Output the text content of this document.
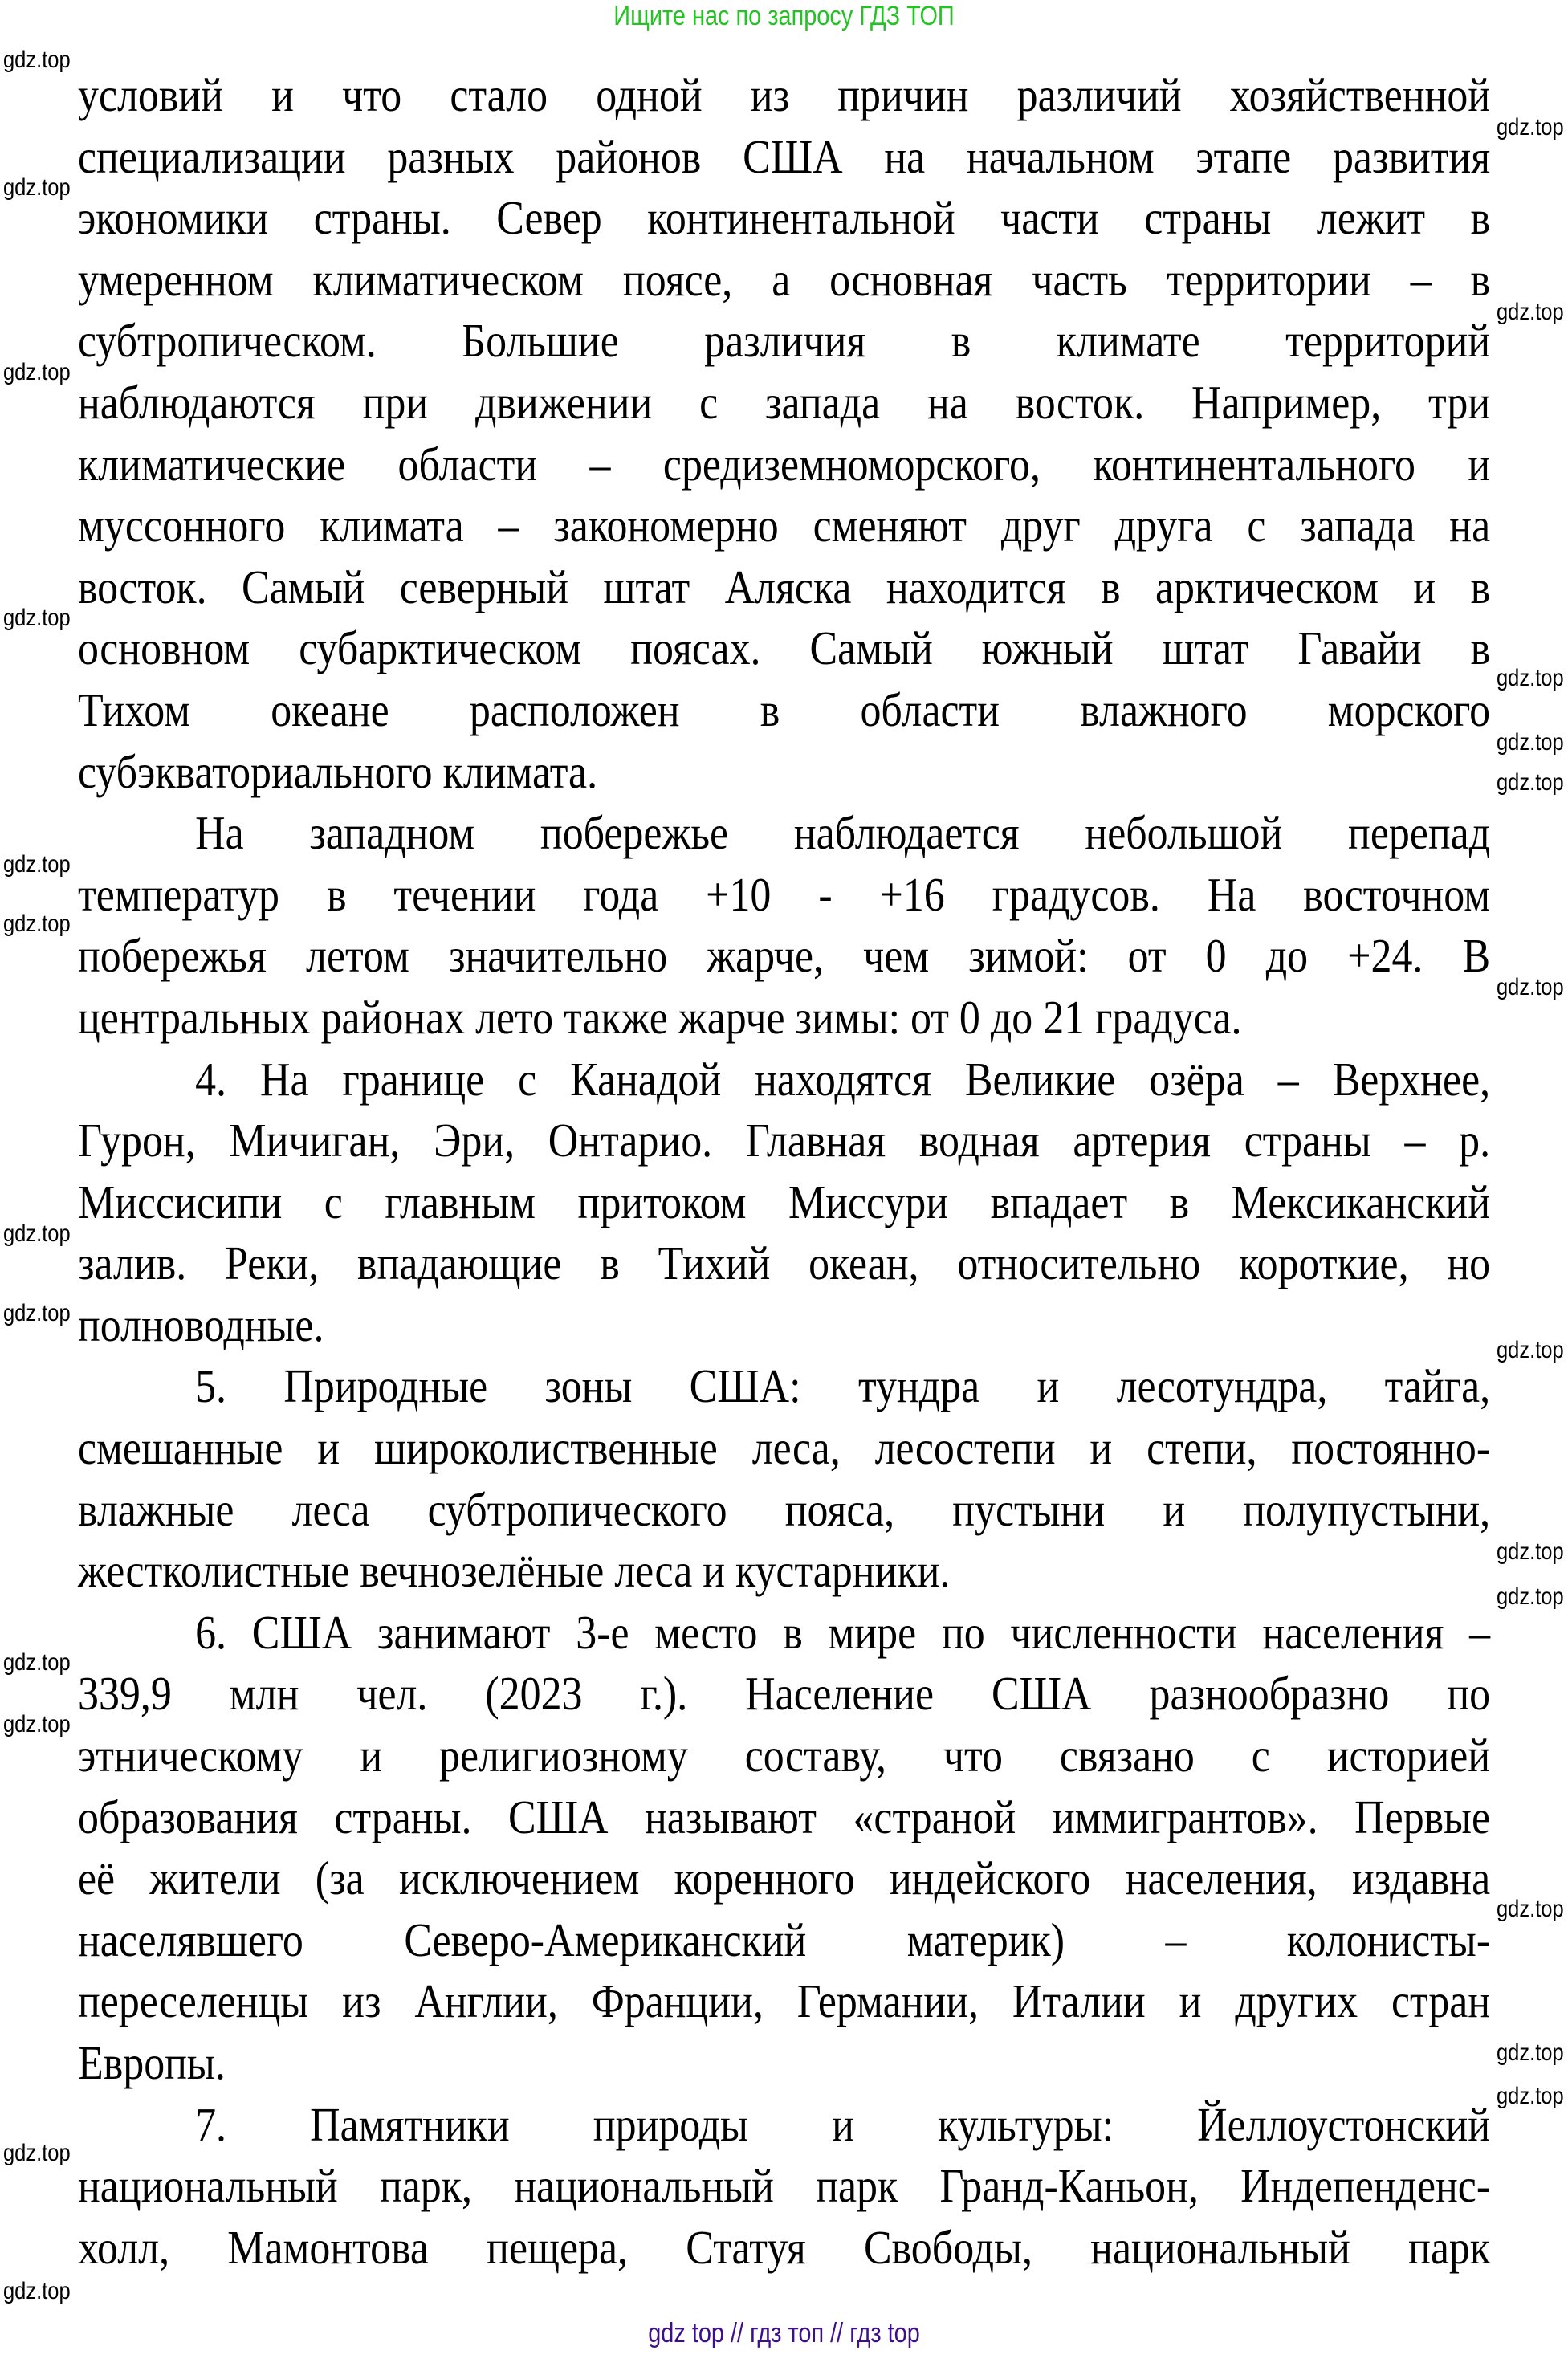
Ищите нас по запросу ГДЗ ТОП
условий и что стало одной из причин различий хозяйственной
специализации разных районов США на начальном этапе развития
экономики страны. Север континентальной части страны лежит в
умеренном климатическом поясе, а основная часть территории – в
субтропическом. Большие различия в климате территорий
наблюдаются при движении с запада на восток. Например, три
климатические области – средиземноморского, континентального и
муссонного климата – закономерно сменяют друг друга с запада на
восток. Самый северный штат Аляска находится в арктическом и в
основном субарктическом поясах. Самый южный штат Гавайи в
Тихом океане расположен в области влажного морского
субэкваториального климата.
На западном побережье наблюдается небольшой перепад
температур в течении года +10 - +16 градусов. На восточном
побережья летом значительно жарче, чем зимой: от 0 до +24. В
центральных районах лето также жарче зимы: от 0 до 21 градуса.
4. На границе с Канадой находятся Великие озёра – Верхнее,
Гурон, Мичиган, Эри, Онтарио. Главная водная артерия страны – р.
Миссисипи с главным притоком Миссури впадает в Мексиканский
залив. Реки, впадающие в Тихий океан, относительно короткие, но
полноводные.
5. Природные зоны США: тундра и лесотундра, тайга,
смешанные и широколиственные леса, лесостепи и степи, постоянно-
влажные леса субтропического пояса, пустыни и полупустыни,
жестколистные вечнозелёные леса и кустарники.
6. США занимают 3-е место в мире по численности населения –
339,9 млн чел. (2023 г.). Население США разнообразно по
этническому и религиозному составу, что связано с историей
образования страны. США называют «страной иммигрантов». Первые
её жители (за исключением коренного индейского населения, издавна
населявшего Северо-Американский материк) – колонисты-
переселенцы из Англии, Франции, Германии, Италии и других стран
Европы.
7. Памятники природы и культуры: Йеллоустонский
национальный парк, национальный парк Гранд-Каньон, Индепенденс-
холл, Мамонтова пещера, Статуя Свободы, национальный парк
gdz.top
gdz.top
gdz.top
gdz.top
gdz.top
gdz.top
gdz.top
gdz.top
gdz.top
gdz.top
gdz.top
gdz.top
gdz.top
gdz.top
gdz.top
gdz.top
gdz.top
gdz.top
gdz.top
gdz.top
gdz.top
gdz.top
gdz.top
gdz.top
gdz top // гдз топ // гдз top
